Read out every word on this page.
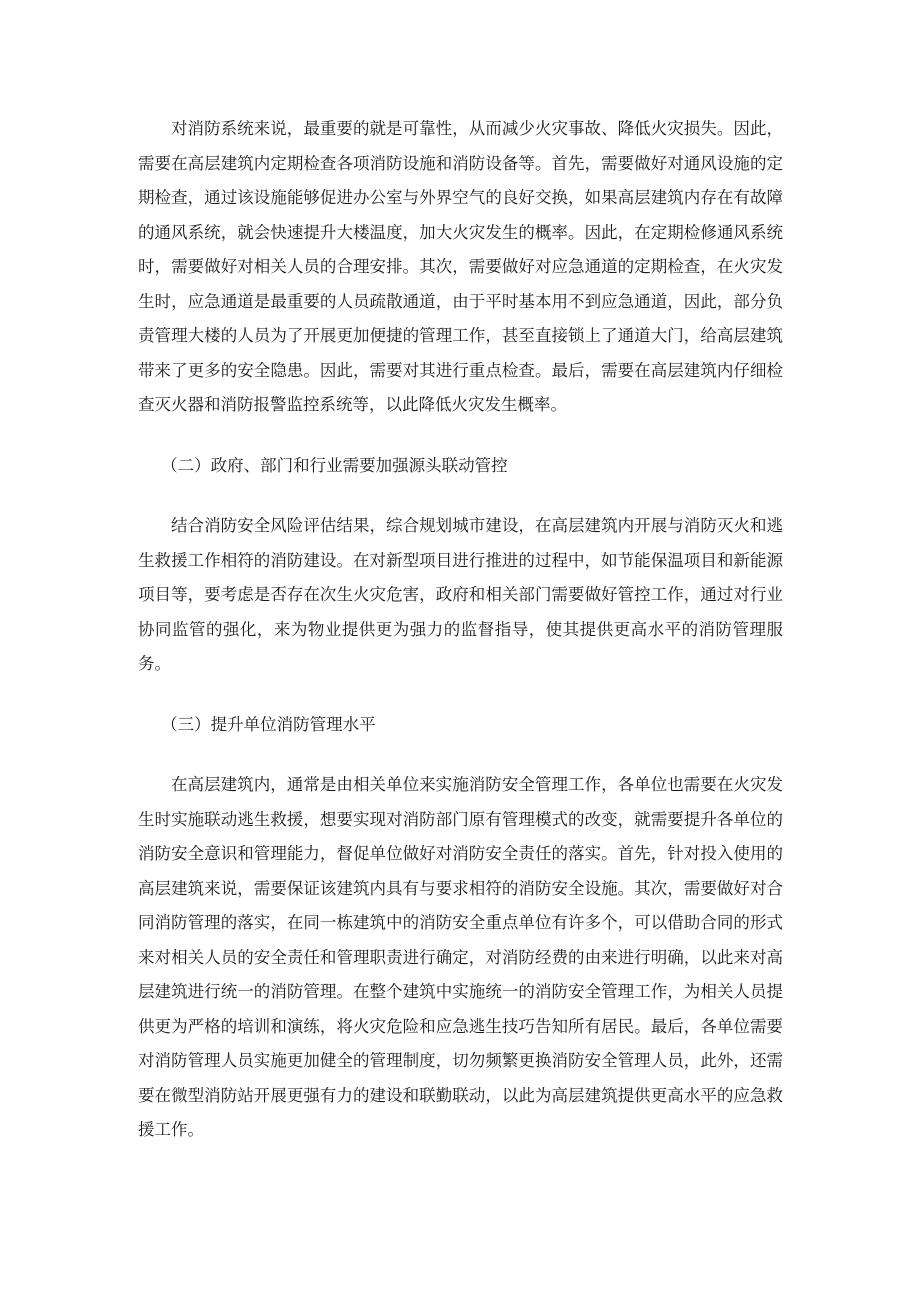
对消防系统来说，最重要的就是可靠性，从而减少火灾事故、降低火灾损失。因此，需要在高层建筑内定期检查各项消防设施和消防设备等。首先，需要做好对通风设施的定期检查，通过该设施能够促进办公室与外界空气的良好交换，如果高层建筑内存在有故障的通风系统，就会快速提升大楼温度，加大火灾发生的概率。因此，在定期检修通风系统时，需要做好对相关人员的合理安排。其次，需要做好对应急通道的定期检查，在火灾发生时，应急通道是最重要的人员疏散通道，由于平时基本用不到应急通道，因此，部分负责管理大楼的人员为了开展更加便捷的管理工作，甚至直接锁上了通道大门，给高层建筑带来了更多的安全隐患。因此，需要对其进行重点检查。最后，需要在高层建筑内仔细检查灭火器和消防报警监控系统等，以此降低火灾发生概率。

（二）政府、部门和行业需要加强源头联动管控

结合消防安全风险评估结果，综合规划城市建设，在高层建筑内开展与消防灭火和逃生救援工作相符的消防建设。在对新型项目进行推进的过程中，如节能保温项目和新能源项目等，要考虑是否存在次生火灾危害，政府和相关部门需要做好管控工作，通过对行业协同监管的强化，来为物业提供更为强力的监督指导，使其提供更高水平的消防管理服务。

（三）提升单位消防管理水平

在高层建筑内，通常是由相关单位来实施消防安全管理工作，各单位也需要在火灾发生时实施联动逃生救援，想要实现对消防部门原有管理模式的改变，就需要提升各单位的消防安全意识和管理能力，督促单位做好对消防安全责任的落实。首先，针对投入使用的高层建筑来说，需要保证该建筑内具有与要求相符的消防安全设施。其次，需要做好对合同消防管理的落实，在同一栋建筑中的消防安全重点单位有许多个，可以借助合同的形式来对相关人员的安全责任和管理职责进行确定，对消防经费的由来进行明确，以此来对高层建筑进行统一的消防管理。在整个建筑中实施统一的消防安全管理工作，为相关人员提供更为严格的培训和演练，将火灾危险和应急逃生技巧告知所有居民。最后，各单位需要对消防管理人员实施更加健全的管理制度，切勿频繁更换消防安全管理人员，此外，还需要在微型消防站开展更强有力的建设和联勤联动，以此为高层建筑提供更高水平的应急救援工作。
